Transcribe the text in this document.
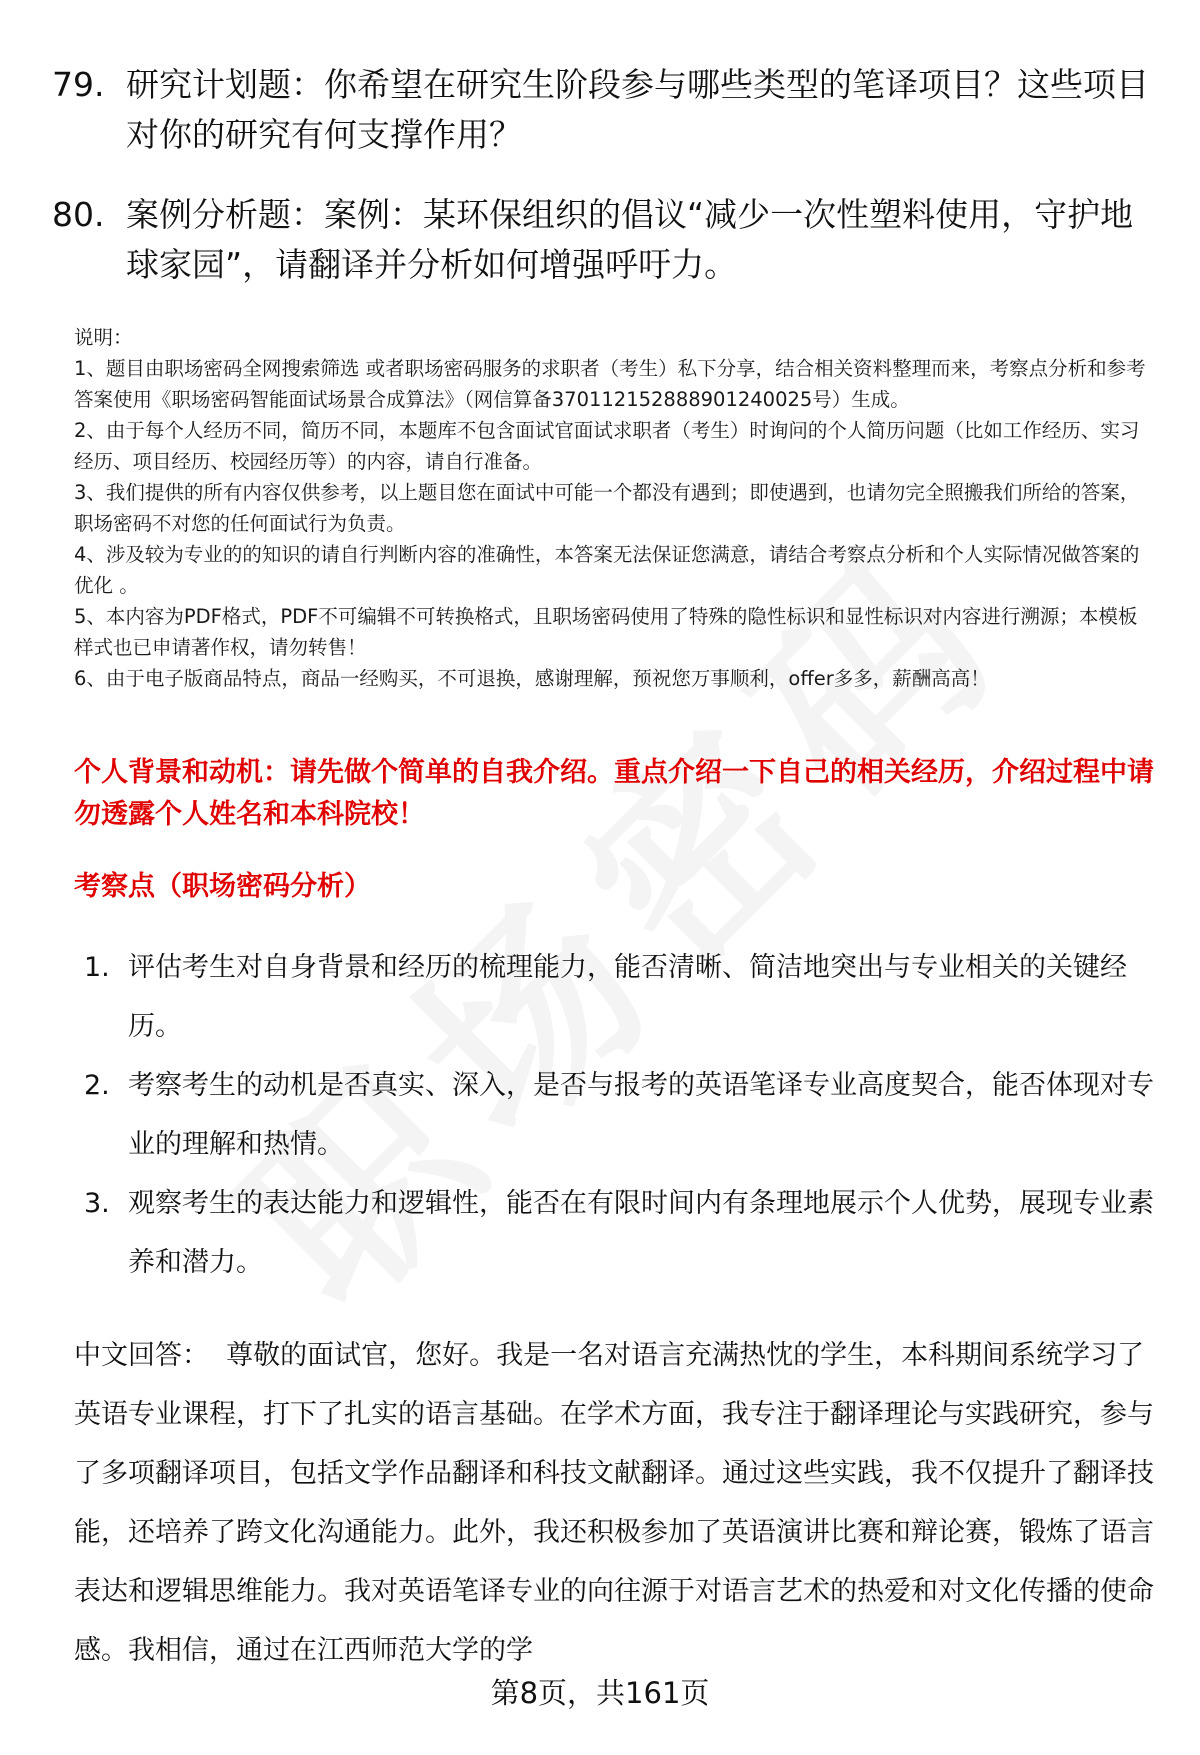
79. 研究计划题：你希望在研究生阶段参与哪些类型的笔译项目？这些项目对你的研究有何支撑作用？
80. 案例分析题：案例：某环保组织的倡议“减少一次性塑料使用，守护地球家园”，请翻译并分析如何增强呼吁力。

说明：

1、题目由职场密码全网搜索筛选 或者职场密码服务的求职者（考生）私下分享，结合相关资料整理而来，考察点分析和参考答案使用《职场密码智能面试场景合成算法》（网信算备370112152888901240025号）生成。

2、由于每个人经历不同，简历不同，本题库不包含面试官面试求职者（考生）时询问的个人简历问题（比如工作经历、实习经历、项目经历、校园经历等）的内容，请自行准备。

3、我们提供的所有内容仅供参考，以上题目您在面试中可能一个都没有遇到；即使遇到，也请勿完全照搬我们所给的答案，职场密码不对您的任何面试行为负责。

4、涉及较为专业的的知识的请自行判断内容的准确性，本答案无法保证您满意，请结合考察点分析和个人实际情况做答案的优化 。

5、本内容为PDF格式，PDF不可编辑不可转换格式，且职场密码使用了特殊的隐性标识和显性标识对内容进行溯源；本模板样式也已申请著作权，请勿转售！

6、由于电子版商品特点，商品一经购买，不可退换，感谢理解，预祝您万事顺利，offer多多，薪酬高高！

个人背景和动机：请先做个简单的自我介绍。重点介绍一下自己的相关经历，介绍过程中请勿透露个人姓名和本科院校！
考察点（职场密码分析）
1. 评估考生对自身背景和经历的梳理能力，能否清晰、简洁地突出与专业相关的关键经历。
2. 考察考生的动机是否真实、深入，是否与报考的英语笔译专业高度契合，能否体现对专业的理解和热情。
3. 观察考生的表达能力和逻辑性，能否在有限时间内有条理地展示个人优势，展现专业素养和潜力。
中文回答： 尊敬的面试官，您好。我是一名对语言充满热忱的学生，本科期间系统学习了英语专业课程，打下了扎实的语言基础。在学术方面，我专注于翻译理论与实践研究，参与了多项翻译项目，包括文学作品翻译和科技文献翻译。通过这些实践，我不仅提升了翻译技能，还培养了跨文化沟通能力。此外，我还积极参加了英语演讲比赛和辩论赛，锻炼了语言表达和逻辑思维能力。我对英语笔译专业的向往源于对语言艺术的热爱和对文化传播的使命感。我相信，通过在江西师范大学的学
第8页，共161页
